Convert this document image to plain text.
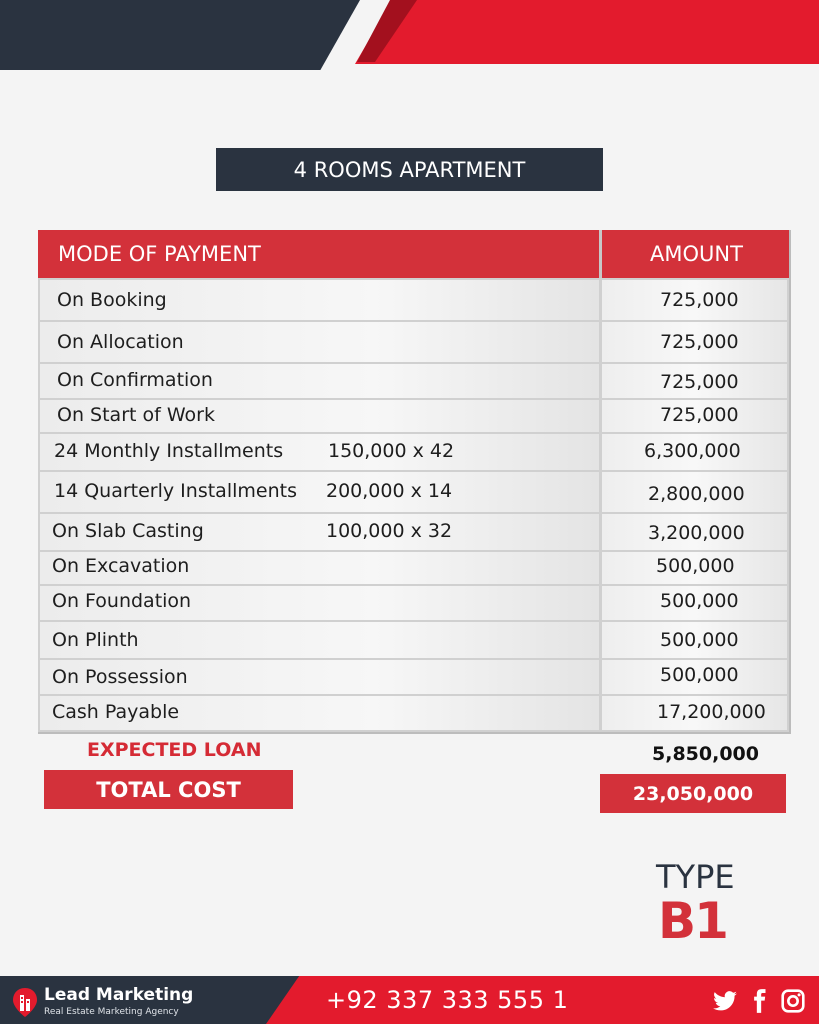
4 ROOMS APARTMENT
MODE OF PAYMENT	AMOUNT
On Booking	725,000
On Allocation	725,000
On Confirmation	725,000
On Start of Work	725,000
24 Monthly Installments 150,000 x 42	6,300,000
14 Quarterly Installments 200,000 x 14	2,800,000
On Slab Casting	100,000 x 32	3,200,000
On Excavation	500,000
On Foundation	500,000
On Plinth	500,000
On Possession	500,000
Cash Payable	17,200,000
EXPECTED LOAN	5,850,000
TOTAL COST	23,050,000
TYPE
B1
Lead Marketing
Real Estate Marketing Agency	+92 337 333 555 1
